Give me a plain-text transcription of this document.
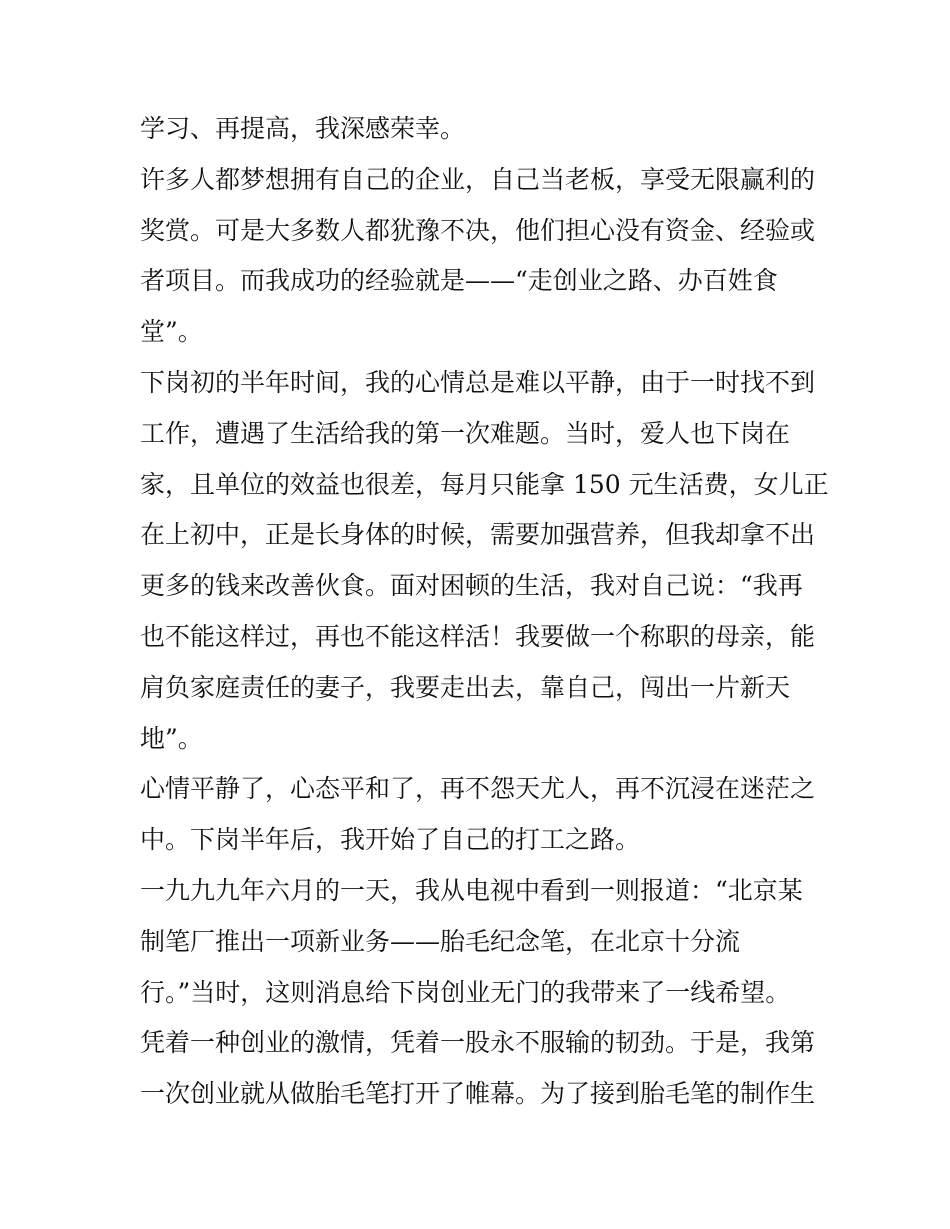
学习、再提高，我深感荣幸。
许多人都梦想拥有自己的企业，自己当老板，享受无限赢利的
奖赏。可是大多数人都犹豫不决，他们担心没有资金、经验或
者项目。而我成功的经验就是——“走创业之路、办百姓食
堂”。
下岗初的半年时间，我的心情总是难以平静，由于一时找不到
工作，遭遇了生活给我的第一次难题。当时，爱人也下岗在
家，且单位的效益也很差，每月只能拿 150 元生活费，女儿正
在上初中，正是长身体的时候，需要加强营养，但我却拿不出
更多的钱来改善伙食。面对困顿的生活，我对自己说：“我再
也不能这样过，再也不能这样活！我要做一个称职的母亲，能
肩负家庭责任的妻子，我要走出去，靠自己，闯出一片新天
地”。
心情平静了，心态平和了，再不怨天尤人，再不沉浸在迷茫之
中。下岗半年后，我开始了自己的打工之路。
一九九九年六月的一天，我从电视中看到一则报道：“北京某
制笔厂推出一项新业务——胎毛纪念笔，在北京十分流
行。”当时，这则消息给下岗创业无门的我带来了一线希望。
凭着一种创业的激情，凭着一股永不服输的韧劲。于是，我第
一次创业就从做胎毛笔打开了帷幕。为了接到胎毛笔的制作生
